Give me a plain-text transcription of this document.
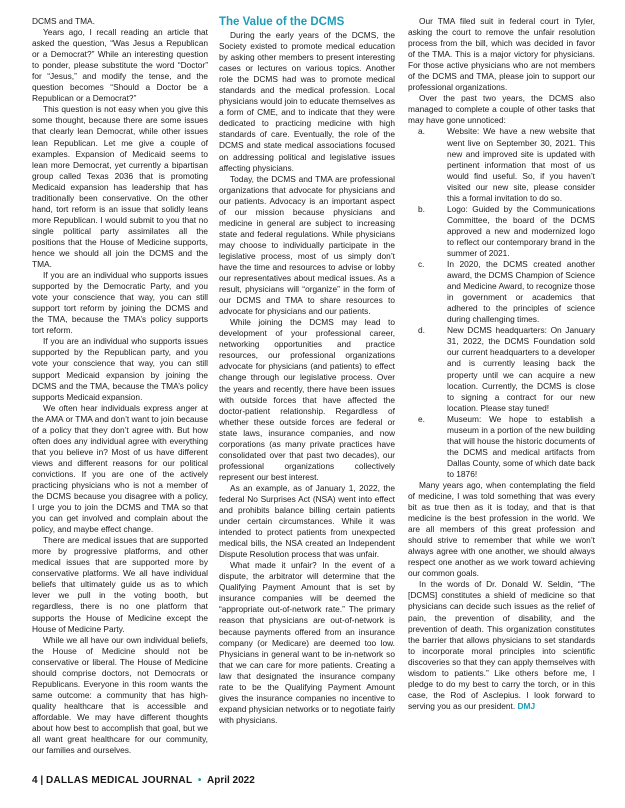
DCMS and TMA.

Years ago, I recall reading an article that asked the question, “Was Jesus a Republican or a Democrat?” While an interesting question to ponder, please substitute the word “Doctor” for “Jesus,” and modify the tense, and the question becomes “Should a Doctor be a Republican or a Democrat?”

This question is not easy when you give this some thought, because there are some issues that clearly lean Democrat, while other issues lean Republican. Let me give a couple of examples. Expansion of Medicaid seems to lean more Democrat, yet currently a bipartisan group called Texas 2036 that is promoting Medicaid expansion has leadership that has traditionally been conservative. On the other hand, tort reform is an issue that solidly leans more Republican. I would submit to you that no single political party assimilates all the positions that the House of Medicine supports, hence we should all join the DCMS and the TMA.

If you are an individual who supports issues supported by the Democratic Party, and you vote your conscience that way, you can still support tort reform by joining the DCMS and the TMA, because the TMA’s policy supports tort reform.

If you are an individual who supports issues supported by the Republican party, and you vote your conscience that way, you can still support Medicaid expansion by joining the DCMS and the TMA, because the TMA’s policy supports Medicaid expansion.

We often hear individuals express anger at the AMA or TMA and don’t want to join because of a policy that they don’t agree with. But how often does any individual agree with everything that you believe in? Most of us have different views and different reasons for our political convictions. If you are one of the actively practicing physicians who is not a member of the DCMS because you disagree with a policy, I urge you to join the DCMS and TMA so that you can get involved and complain about the policy, and maybe effect change.

There are medical issues that are supported more by progressive platforms, and other medical issues that are supported more by conservative platforms. We all have individual beliefs that ultimately guide us as to which lever we pull in the voting booth, but regardless, there is no one platform that supports the House of Medicine except the House of Medicine Party.

While we all have our own individual beliefs, the House of Medicine should not be conservative or liberal. The House of Medicine should comprise doctors, not Democrats or Republicans. Everyone in this room wants the same outcome: a community that has high-quality healthcare that is accessible and affordable. We may have different thoughts about how best to accomplish that goal, but we all want great healthcare for our community, our families and ourselves.

The Value of the DCMS

During the early years of the DCMS, the Society existed to promote medical education by asking other members to present interesting cases or lectures on various topics. Another role the DCMS had was to promote medical standards and the medical profession. Local physicians would join to educate themselves as a form of CME, and to indicate that they were dedicated to practicing medicine with high standards of care. Eventually, the role of the DCMS and state medical associations focused on addressing political and legislative issues affecting physicians.

Today, the DCMS and TMA are professional organizations that advocate for physicians and our patients. Advocacy is an important aspect of our mission because physicians and medicine in general are subject to increasing state and federal regulations. While physicians may choose to individually participate in the legislative process, most of us simply don’t have the time and resources to advise or lobby our representatives about medical issues. As a result, physicians will “organize” in the form of our DCMS and TMA to share resources to advocate for physicians and our patients.

While joining the DCMS may lead to development of your professional career, networking opportunities and practice resources, our professional organizations advocate for physicians (and patients) to effect change through our legislative process. Over the years and recently, there have been issues with outside forces that have affected the doctor-patient relationship. Regardless of whether these outside forces are federal or state laws, insurance companies, and now corporations (as many private practices have consolidated over that past two decades), our professional organizations collectively represent our best interest.

As an example, as of January 1, 2022, the federal No Surprises Act (NSA) went into effect and prohibits balance billing certain patients under certain circumstances. While it was intended to protect patients from unexpected medical bills, the NSA created an Independent Dispute Resolution process that was unfair.

What made it unfair? In the event of a dispute, the arbitrator will determine that the Qualifying Payment Amount that is set by insurance companies will be deemed the “appropriate out-of-network rate.” The primary reason that physicians are out-of-network is because payments offered from an insurance company (or Medicare) are deemed too low. Physicians in general want to be in-network so that we can care for more patients. Creating a law that designated the insurance company rate to be the Qualifying Payment Amount gives the insurance companies no incentive to expand physician networks or to negotiate fairly with physicians.

Our TMA filed suit in federal court in Tyler, asking the court to remove the unfair resolution process from the bill, which was decided in favor of the TMA. This is a major victory for physicians. For those active physicians who are not members of the DCMS and TMA, please join to support our professional organizations.

Over the past two years, the DCMS also managed to complete a couple of other tasks that may have gone unnoticed:

a.	Website: We have a new website that went live on September 30, 2021. This new and improved site is updated with pertinent information that most of us would find useful. So, if you haven’t visited our new site, please consider this a formal invitation to do so.
b.	Logo: Guided by the Communications Committee, the board of the DCMS approved a new and modernized logo to reflect our contemporary brand in the summer of 2021.
c.	In 2020, the DCMS created another award, the DCMS Champion of Science and Medicine Award, to recognize those in government or academics that adhered to the principles of science during challenging times.
d.	New DCMS headquarters: On January 31, 2022, the DCMS Foundation sold our current headquarters to a developer and is currently leasing back the property until we can acquire a new location. Currently, the DCMS is close to signing a contract for our new location. Please stay tuned!
e.	Museum: We hope to establish a museum in a portion of the new building that will house the historic documents of the DCMS and medical artifacts from Dallas County, some of which date back to 1876!

Many years ago, when contemplating the field of medicine, I was told something that was every bit as true then as it is today, and that is that medicine is the best profession in the world. We are all members of this great profession and should strive to remember that while we won’t always agree with one another, we should always respect one another as we work toward achieving our common goals.

In the words of Dr. Donald W. Seldin, “The [DCMS] constitutes a shield of medicine so that physicians can decide such issues as the relief of pain, the prevention of disability, and the prevention of death. This organization constitutes the barrier that allows physicians to set standards to incorporate moral principles into scientific discoveries so that they can apply themselves with wisdom to patients.” Like others before me, I pledge to do my best to carry the torch, or in this case, the Rod of Asclepius. I look forward to serving you as our president. DMJ

4 | DALLAS MEDICAL JOURNAL • April 2022
